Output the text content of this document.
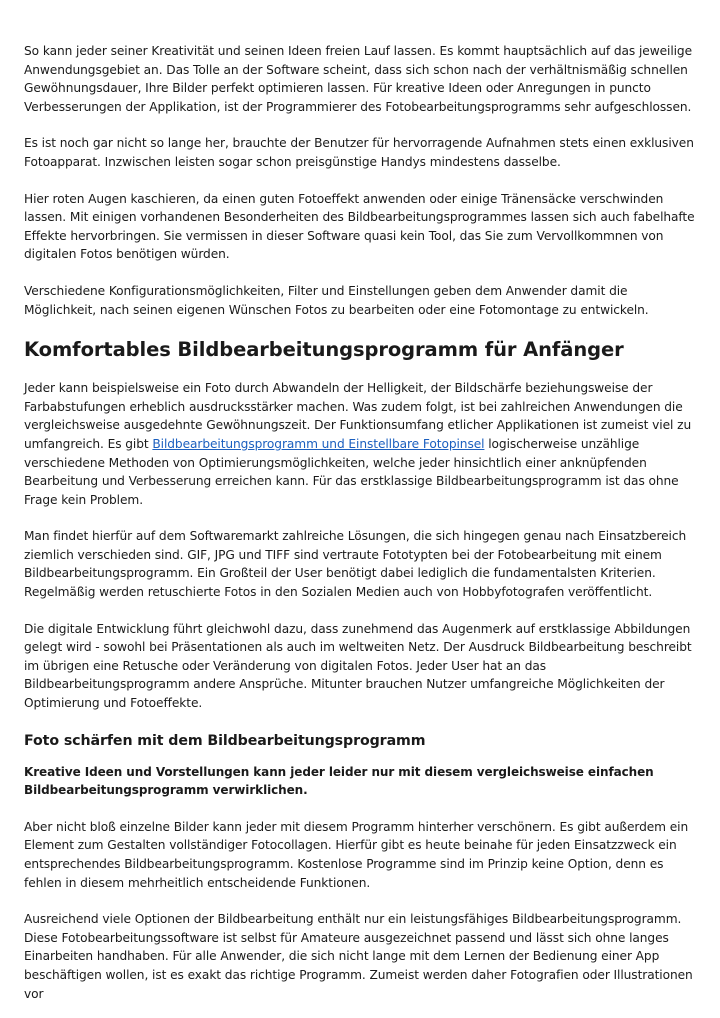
So kann jeder seiner Kreativität und seinen Ideen freien Lauf lassen. Es kommt hauptsächlich auf das jeweilige Anwendungsgebiet an. Das Tolle an der Software scheint, dass sich schon nach der verhältnismäßig schnellen Gewöhnungsdauer, Ihre Bilder perfekt optimieren lassen. Für kreative Ideen oder Anregungen in puncto Verbesserungen der Applikation, ist der Programmierer des Fotobearbeitungsprogramms sehr aufgeschlossen.

Es ist noch gar nicht so lange her, brauchte der Benutzer für hervorragende Aufnahmen stets einen exklusiven Fotoapparat. Inzwischen leisten sogar schon preisgünstige Handys mindestens dasselbe.

Hier roten Augen kaschieren, da einen guten Fotoeffekt anwenden oder einige Tränensäcke verschwinden lassen. Mit einigen vorhandenen Besonderheiten des Bildbearbeitungsprogrammes lassen sich auch fabelhafte Effekte hervorbringen. Sie vermissen in dieser Software quasi kein Tool, das Sie zum Vervollkommnen von digitalen Fotos benötigen würden.

Verschiedene Konfigurationsmöglichkeiten, Filter und Einstellungen geben dem Anwender damit die Möglichkeit, nach seinen eigenen Wünschen Fotos zu bearbeiten oder eine Fotomontage zu entwickeln.

Komfortables Bildbearbeitungsprogramm für Anfänger

Jeder kann beispielsweise ein Foto durch Abwandeln der Helligkeit, der Bildschärfe beziehungsweise der Farbabstufungen erheblich ausdrucksstärker machen. Was zudem folgt, ist bei zahlreichen Anwendungen die vergleichsweise ausgedehnte Gewöhnungszeit. Der Funktionsumfang etlicher Applikationen ist zumeist viel zu umfangreich. Es gibt Bildbearbeitungsprogramm und Einstellbare Fotopinsel logischerweise unzählige verschiedene Methoden von Optimierungsmöglichkeiten, welche jeder hinsichtlich einer anknüpfenden Bearbeitung und Verbesserung erreichen kann. Für das erstklassige Bildbearbeitungsprogramm ist das ohne Frage kein Problem.

Man findet hierfür auf dem Softwaremarkt zahlreiche Lösungen, die sich hingegen genau nach Einsatzbereich ziemlich verschieden sind. GIF, JPG und TIFF sind vertraute Fototypten bei der Fotobearbeitung mit einem Bildbearbeitungsprogramm. Ein Großteil der User benötigt dabei lediglich die fundamentalsten Kriterien. Regelmäßig werden retuschierte Fotos in den Sozialen Medien auch von Hobbyfotografen veröffentlicht.

Die digitale Entwicklung führt gleichwohl dazu, dass zunehmend das Augenmerk auf erstklassige Abbildungen gelegt wird - sowohl bei Präsentationen als auch im weltweiten Netz. Der Ausdruck Bildbearbeitung beschreibt im übrigen eine Retusche oder Veränderung von digitalen Fotos. Jeder User hat an das Bildbearbeitungsprogramm andere Ansprüche. Mitunter brauchen Nutzer umfangreiche Möglichkeiten der Optimierung und Fotoeffekte.

Foto schärfen mit dem Bildbearbeitungsprogramm

Kreative Ideen und Vorstellungen kann jeder leider nur mit diesem vergleichsweise einfachen Bildbearbeitungsprogramm verwirklichen.

Aber nicht bloß einzelne Bilder kann jeder mit diesem Programm hinterher verschönern. Es gibt außerdem ein Element zum Gestalten vollständiger Fotocollagen. Hierfür gibt es heute beinahe für jeden Einsatzzweck ein entsprechendes Bildbearbeitungsprogramm. Kostenlose Programme sind im Prinzip keine Option, denn es fehlen in diesem mehrheitlich entscheidende Funktionen.

Ausreichend viele Optionen der Bildbearbeitung enthält nur ein leistungsfähiges Bildbearbeitungsprogramm. Diese Fotobearbeitungssoftware ist selbst für Amateure ausgezeichnet passend und lässt sich ohne langes Einarbeiten handhaben. Für alle Anwender, die sich nicht lange mit dem Lernen der Bedienung einer App beschäftigen wollen, ist es exakt das richtige Programm. Zumeist werden daher Fotografien oder Illustrationen vor
